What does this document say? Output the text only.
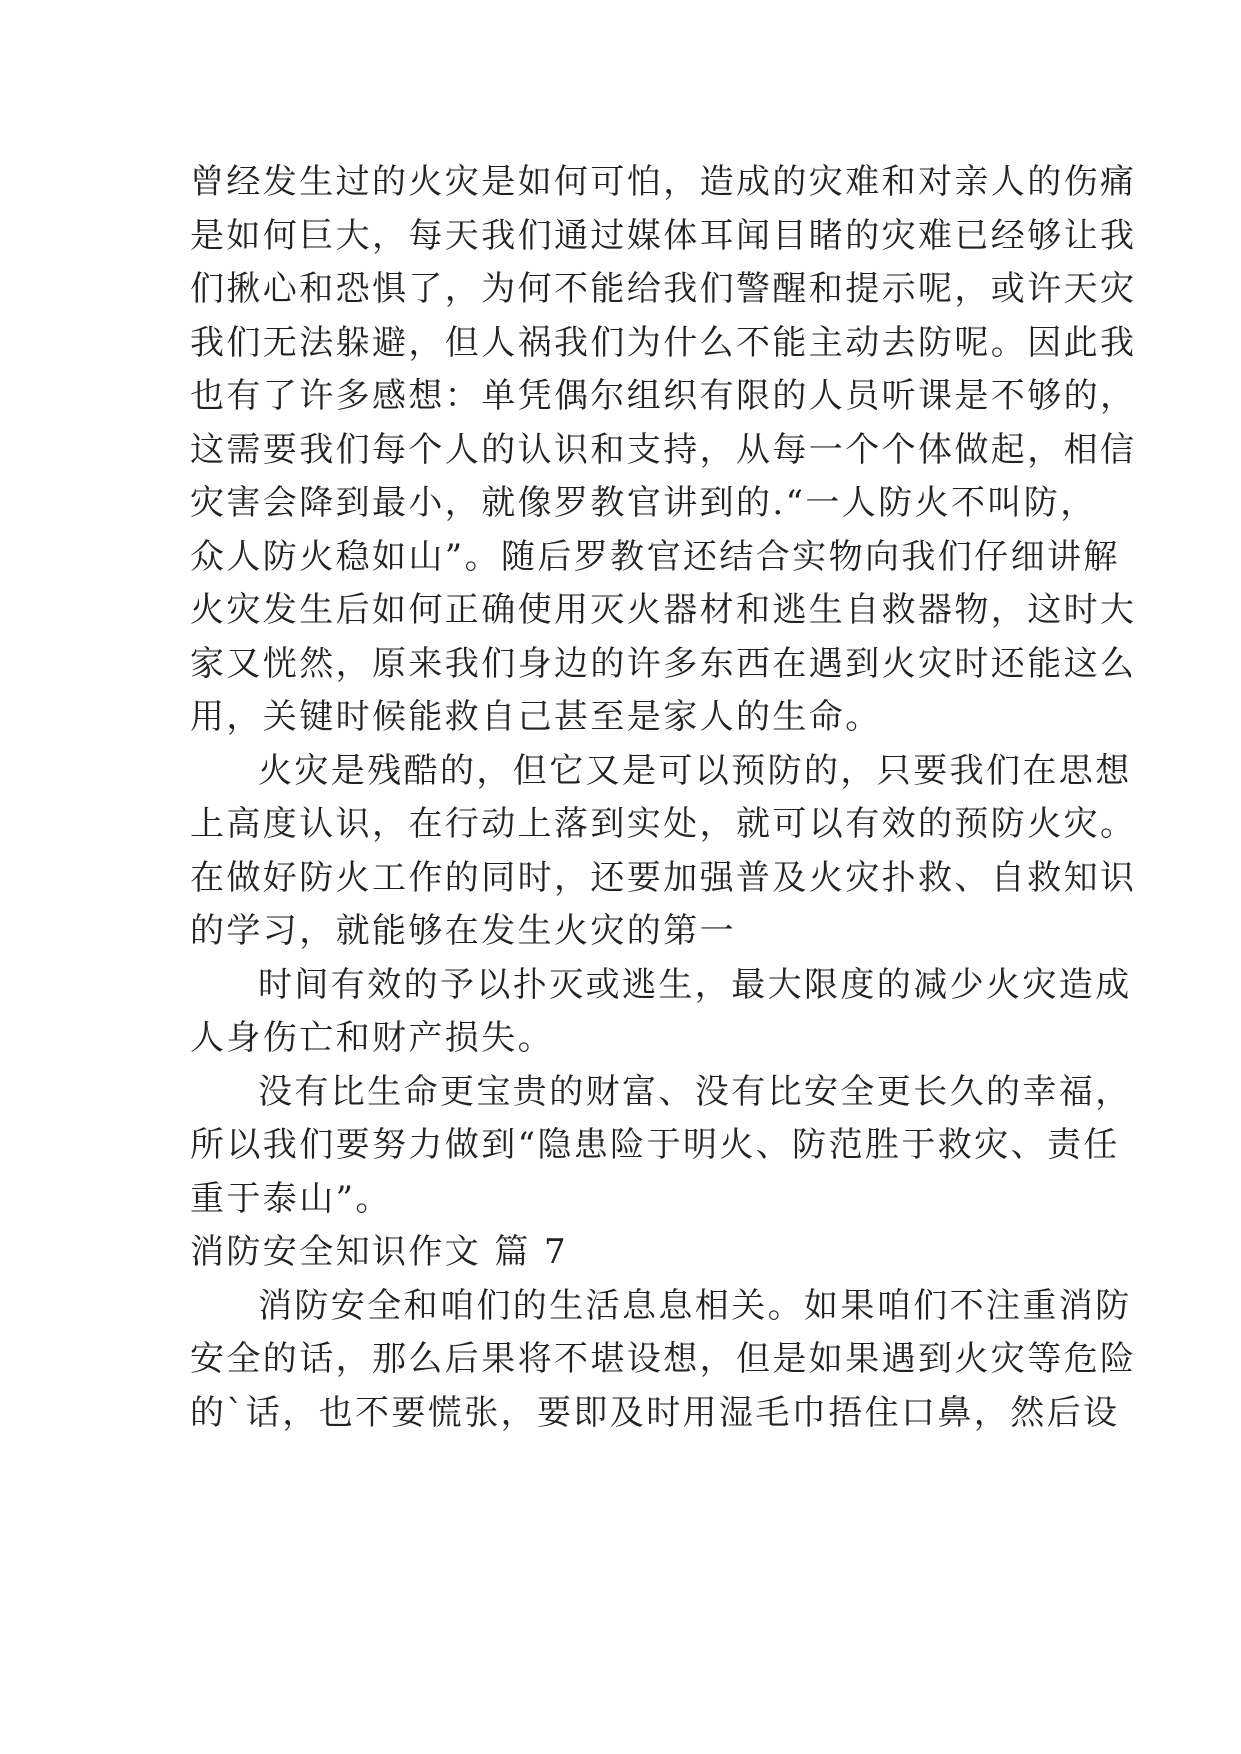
曾经发生过的火灾是如何可怕，造成的灾难和对亲人的伤痛
是如何巨大，每天我们通过媒体耳闻目睹的灾难已经够让我
们揪心和恐惧了，为何不能给我们警醒和提示呢，或许天灾
我们无法躲避，但人祸我们为什么不能主动去防呢。因此我
也有了许多感想：单凭偶尔组织有限的人员听课是不够的，
这需要我们每个人的认识和支持，从每一个个体做起，相信
灾害会降到最小，就像罗教官讲到的.“一人防火不叫防，
众人防火稳如山”。随后罗教官还结合实物向我们仔细讲解
火灾发生后如何正确使用灭火器材和逃生自救器物，这时大
家又恍然，原来我们身边的许多东西在遇到火灾时还能这么
用，关键时候能救自己甚至是家人的生命。

火灾是残酷的，但它又是可以预防的，只要我们在思想
上高度认识，在行动上落到实处，就可以有效的预防火灾。
在做好防火工作的同时，还要加强普及火灾扑救、自救知识
的学习，就能够在发生火灾的第一

时间有效的予以扑灭或逃生，最大限度的减少火灾造成
人身伤亡和财产损失。

没有比生命更宝贵的财富、没有比安全更长久的幸福，
所以我们要努力做到“隐患险于明火、防范胜于救灾、责任
重于泰山”。

消防安全知识作文 篇 7

消防安全和咱们的生活息息相关。如果咱们不注重消防
安全的话，那么后果将不堪设想，但是如果遇到火灾等危险
的`话，也不要慌张，要即及时用湿毛巾捂住口鼻，然后设
